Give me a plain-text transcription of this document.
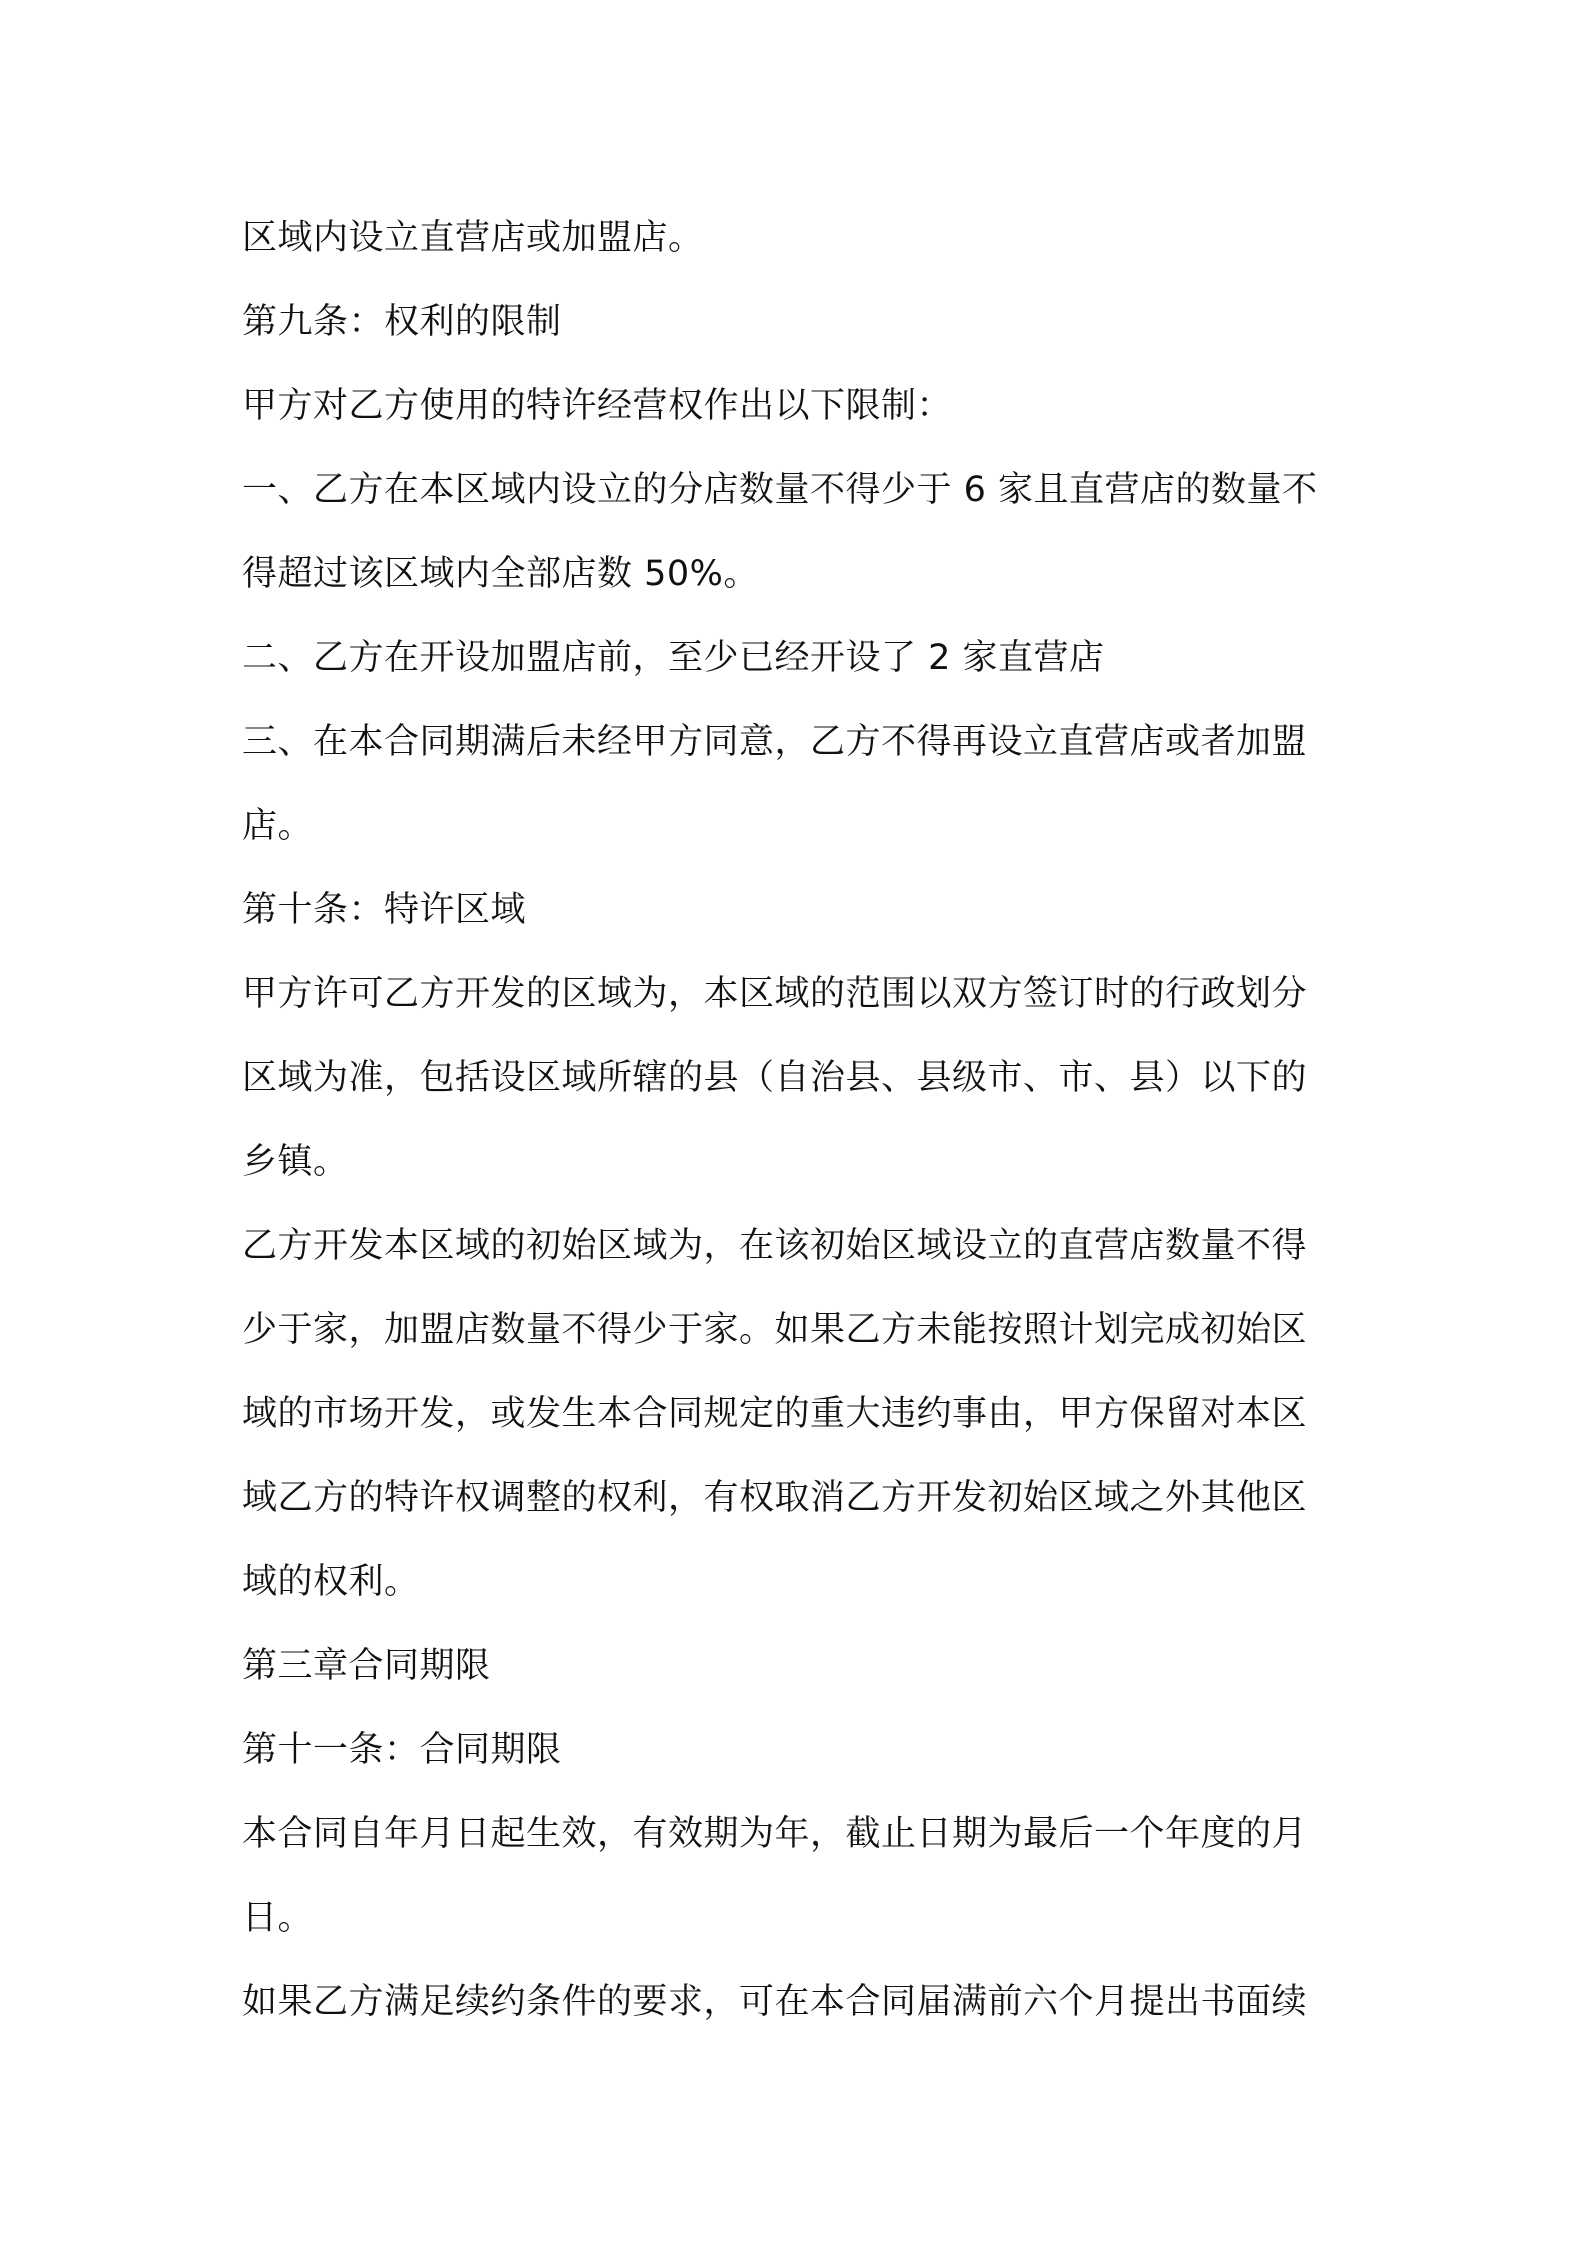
区域内设立直营店或加盟店。

第九条：权利的限制

甲方对乙方使用的特许经营权作出以下限制：

一、乙方在本区域内设立的分店数量不得少于 6 家且直营店的数量不

得超过该区域内全部店数 50%。

二、乙方在开设加盟店前，至少已经开设了 2 家直营店

三、在本合同期满后未经甲方同意，乙方不得再设立直营店或者加盟

店。

第十条：特许区域

甲方许可乙方开发的区域为，本区域的范围以双方签订时的行政划分

区域为准，包括设区域所辖的县（自治县、县级市、市、县）以下的

乡镇。

乙方开发本区域的初始区域为，在该初始区域设立的直营店数量不得

少于家，加盟店数量不得少于家。如果乙方未能按照计划完成初始区

域的市场开发，或发生本合同规定的重大违约事由，甲方保留对本区

域乙方的特许权调整的权利，有权取消乙方开发初始区域之外其他区

域的权利。

第三章合同期限

第十一条：合同期限

本合同自年月日起生效，有效期为年，截止日期为最后一个年度的月

日。

如果乙方满足续约条件的要求，可在本合同届满前六个月提出书面续
